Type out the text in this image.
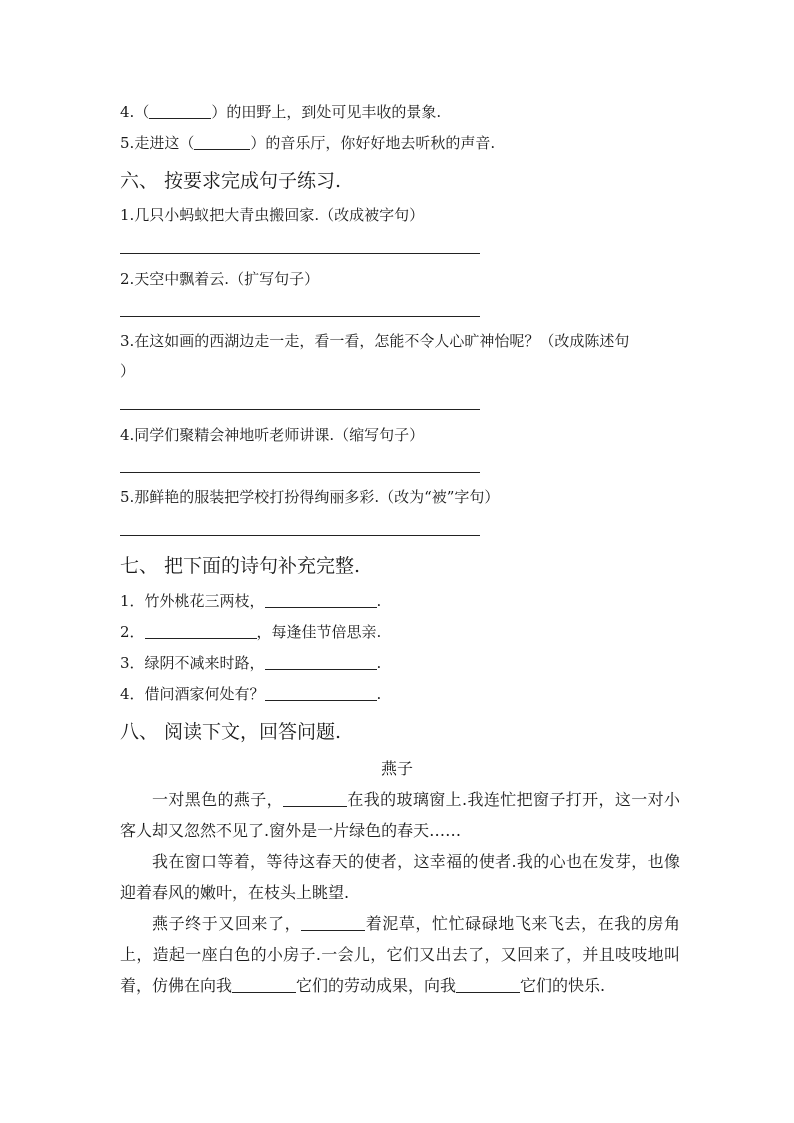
4.（	）的田野上，到处可见丰收的景象.
5.走进这（	）的音乐厅，你好好地去听秋的声音.
六、 按要求完成句子练习.
1.几只小蚂蚁把大青虫搬回家.（改成被字句）
2.天空中飘着云.（扩写句子）
3.在这如画的西湖边走一走，看一看，怎能不令人心旷神怡呢？（改成陈述句
）
4.同学们聚精会神地听老师讲课.（缩写句子）
5.那鲜艳的服装把学校打扮得绚丽多彩.（改为“被”字句）
七、 把下面的诗句补充完整.
1．竹外桃花三两枝，	.
2．	，每逢佳节倍思亲.
3．绿阴不减来时路，	.
4．借问酒家何处有？	.
八、 阅读下文，回答问题.
燕子

一对黑色的燕子，	在我的玻璃窗上.我连忙把窗子打开，这一对小客人却又忽然不见了.窗外是一片绿色的春天……

我在窗口等着，等待这春天的使者，这幸福的使者.我的心也在发芽，也像迎着春风的嫩叶，在枝头上眺望.

燕子终于又回来了，	着泥草，忙忙碌碌地飞来飞去，在我的房角上，造起一座白色的小房子.一会儿，它们又出去了，又回来了，并且吱吱地叫着，仿佛在向我	它们的劳动成果，向我	它们的快乐.
